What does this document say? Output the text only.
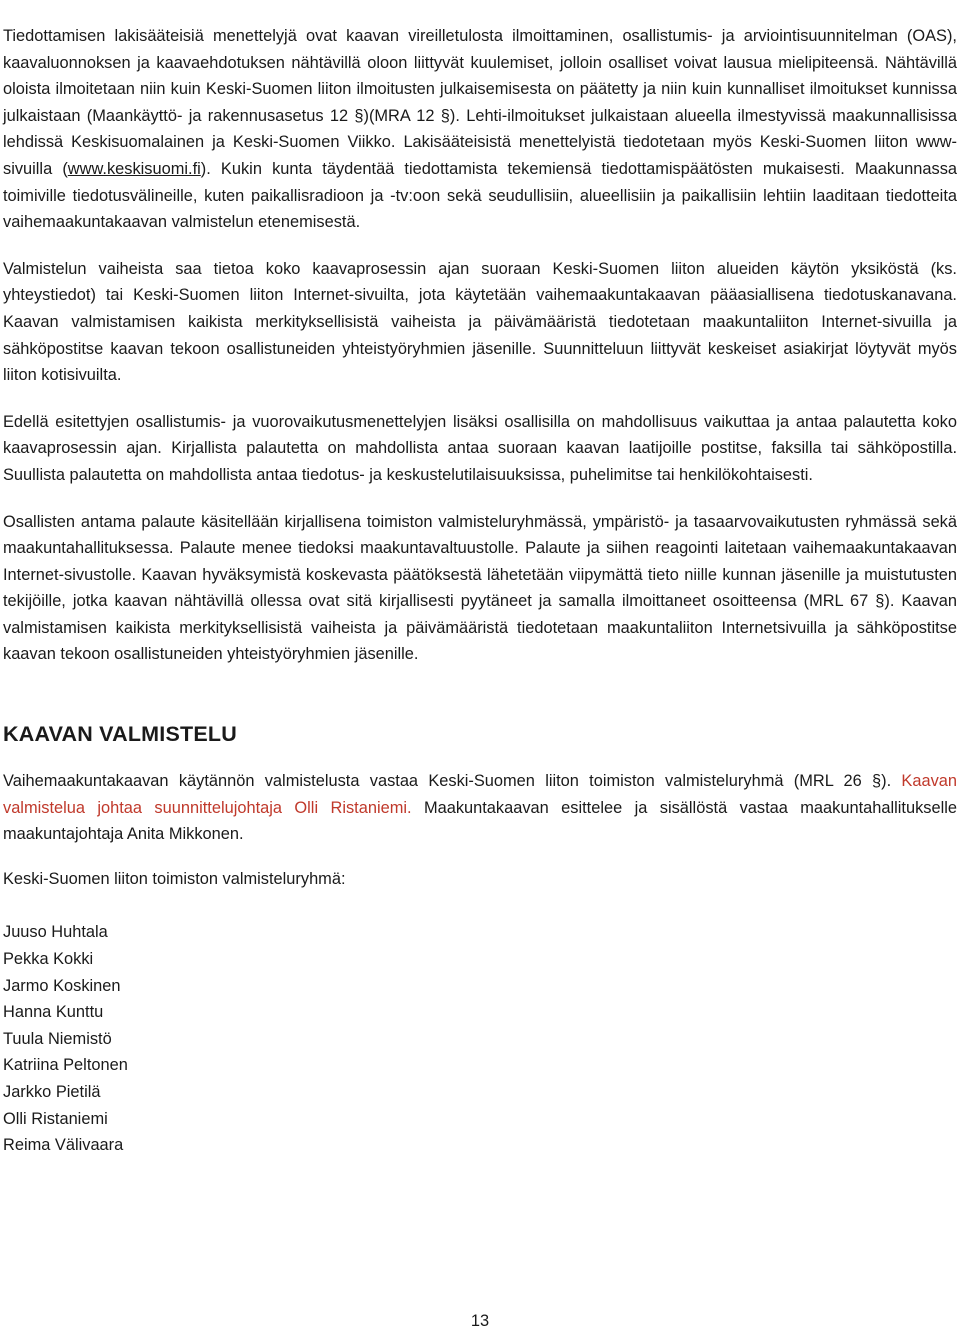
Tiedottamisen lakisääteisiä menettelyjä ovat kaavan vireilletulosta ilmoittaminen, osallistumis- ja arviointisuunnitelman (OAS), kaavaluonnoksen ja kaavaehdotuksen nähtävillä oloon liittyvät kuulemiset, jolloin osalliset voivat lausua mielipiteensä. Nähtävillä oloista ilmoitetaan niin kuin Keski-Suomen liiton ilmoitusten julkaisemisesta on päätetty ja niin kuin kunnalliset ilmoitukset kunnissa julkaistaan (Maankäyttö- ja rakennusasetus 12 §)(MRA 12 §). Lehti-ilmoitukset julkaistaan alueella ilmestyvissä maakunnallisissa lehdissä Keskisuomalainen ja Keski-Suomen Viikko. Lakisääteisistä menettelyistä tiedotetaan myös Keski-Suomen liiton www-sivuilla (www.keskisuomi.fi). Kukin kunta täydentää tiedottamista tekemiensä tiedottamispäätösten mukaisesti. Maakunnassa toimiville tiedotusvälineille, kuten paikallisradioon ja -tv:oon sekä seudullisiin, alueellisiin ja paikallisiin lehtiin laaditaan tiedotteita vaihemaakuntakaavan valmistelun etenemisestä.

Valmistelun vaiheista saa tietoa koko kaavaprosessin ajan suoraan Keski-Suomen liiton alueiden käytön yksiköstä (ks. yhteystiedot) tai Keski-Suomen liiton Internet-sivuilta, jota käytetään vaihemaakuntakaavan pääasiallisena tiedotuskanavana. Kaavan valmistamisen kaikista merkityksellisistä vaiheista ja päivämääristä tiedotetaan maakuntaliiton Internet-sivuilla ja sähköpostitse kaavan tekoon osallistuneiden yhteistyöryhmien jäsenille. Suunnitteluun liittyvät keskeiset asiakirjat löytyvät myös liiton kotisivuilta.

Edellä esitettyjen osallistumis- ja vuorovaikutusmenettelyjen lisäksi osallisilla on mahdollisuus vaikuttaa ja antaa palautetta koko kaavaprosessin ajan. Kirjallista palautetta on mahdollista antaa suoraan kaavan laatijoille postitse, faksilla tai sähköpostilla. Suullista palautetta on mahdollista antaa tiedotus- ja keskustelutilaisuuksissa, puhelimitse tai henkilökohtaisesti.

Osallisten antama palaute käsitellään kirjallisena toimiston valmisteluryhmässä, ympäristö- ja tasaarvovaikutusten ryhmässä sekä maakuntahallituksessa. Palaute menee tiedoksi maakuntavaltuustolle. Palaute ja siihen reagointi laitetaan vaihemaakuntakaavan Internet-sivustolle. Kaavan hyväksymistä koskevasta päätöksestä lähetetään viipymättä tieto niille kunnan jäsenille ja muistutusten tekijöille, jotka kaavan nähtävillä ollessa ovat sitä kirjallisesti pyytäneet ja samalla ilmoittaneet osoitteensa (MRL 67 §). Kaavan valmistamisen kaikista merkityksellisistä vaiheista ja päivämääristä tiedotetaan maakuntaliiton Internetsivuilla ja sähköpostitse kaavan tekoon osallistuneiden yhteistyöryhmien jäsenille.

KAAVAN VALMISTELU

Vaihemaakuntakaavan käytännön valmistelusta vastaa Keski-Suomen liiton toimiston valmisteluryhmä (MRL 26 §). Kaavan valmistelua johtaa suunnittelujohtaja Olli Ristaniemi. Maakuntakaavan esittelee ja sisällöstä vastaa maakuntahallitukselle maakuntajohtaja Anita Mikkonen.

Keski-Suomen liiton toimiston valmisteluryhmä:

Juuso Huhtala
Pekka Kokki
Jarmo Koskinen
Hanna Kunttu
Tuula Niemistö
Katriina Peltonen
Jarkko Pietilä
Olli Ristaniemi
Reima Välivaara
13
